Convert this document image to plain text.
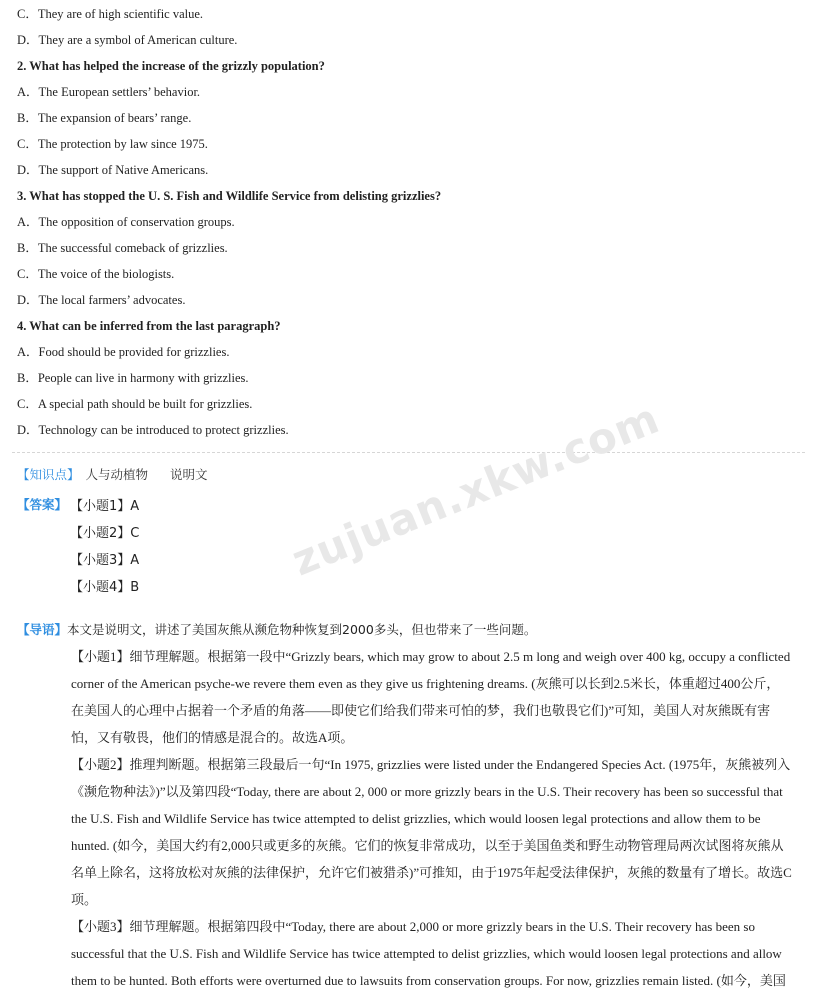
C．They are of high scientific value.
D．They are a symbol of American culture.
2. What has helped the increase of the grizzly population?
A．The European settlers’ behavior.
B．The expansion of bears’ range.
C．The protection by law since 1975.
D．The support of Native Americans.
3. What has stopped the U. S. Fish and Wildlife Service from delisting grizzlies?
A．The opposition of conservation groups.
B．The successful comeback of grizzlies.
C．The voice of the biologists.
D．The local farmers’ advocates.
4. What can be inferred from the last paragraph?
A．Food should be provided for grizzlies.
B．People can live in harmony with grizzlies.
C．A special path should be built for grizzlies.
D．Technology can be introduced to protect grizzlies.
【知识点】 人与动植物 说明文 zujuan.xkw.com
【答案】 【小题1】A
【小题2】C
【小题3】A
【小题4】B
【导语】本文是说明文，讲述了美国灰熊从濒危物种恢复到2000多头，但也带来了一些问题。
【小题1】细节理解题。根据第一段中“Grizzly bears, which may grow to about 2.5 m long and weigh over 400 kg, occupy a conflicted
corner of the American psyche-we revere them even as they give us frightening dreams. (灰熊可以长到2.5米长，体重超过400公斤，
在美国人的心理中占据着一个矛盾的角落——即使它们给我们带来可怕的梦，我们也敬畏它们)”可知，美国人对灰熊既有害
怕，又有敬畏，他们的情感是混合的。故选A项。
【小题2】推理判断题。根据第三段最后一句“In 1975, grizzlies were listed under the Endangered Species Act. (1975年，灰熊被列入
《濒危物种法》)”以及第四段“Today, there are about 2, 000 or more grizzly bears in the U.S. Their recovery has been so successful that
the U.S. Fish and Wildlife Service has twice attempted to delist grizzlies, which would loosen legal protections and allow them to be
hunted. (如今，美国大约有2,000只或更多的灰熊。它们的恢复非常成功，以至于美国鱼类和野生动物管理局两次试图将灰熊从
名单上除名，这将放松对灰熊的法律保护，允许它们被猎杀)”可推知，由于1975年起受法律保护，灰熊的数量有了增长。故选C
项。
【小题3】细节理解题。根据第四段中“Today, there are about 2,000 or more grizzly bears in the U.S. Their recovery has been so
successful that the U.S. Fish and Wildlife Service has twice attempted to delist grizzlies, which would loosen legal protections and allow
them to be hunted. Both efforts were overturned due to lawsuits from conservation groups. For now, grizzlies remain listed. (如今，美国
